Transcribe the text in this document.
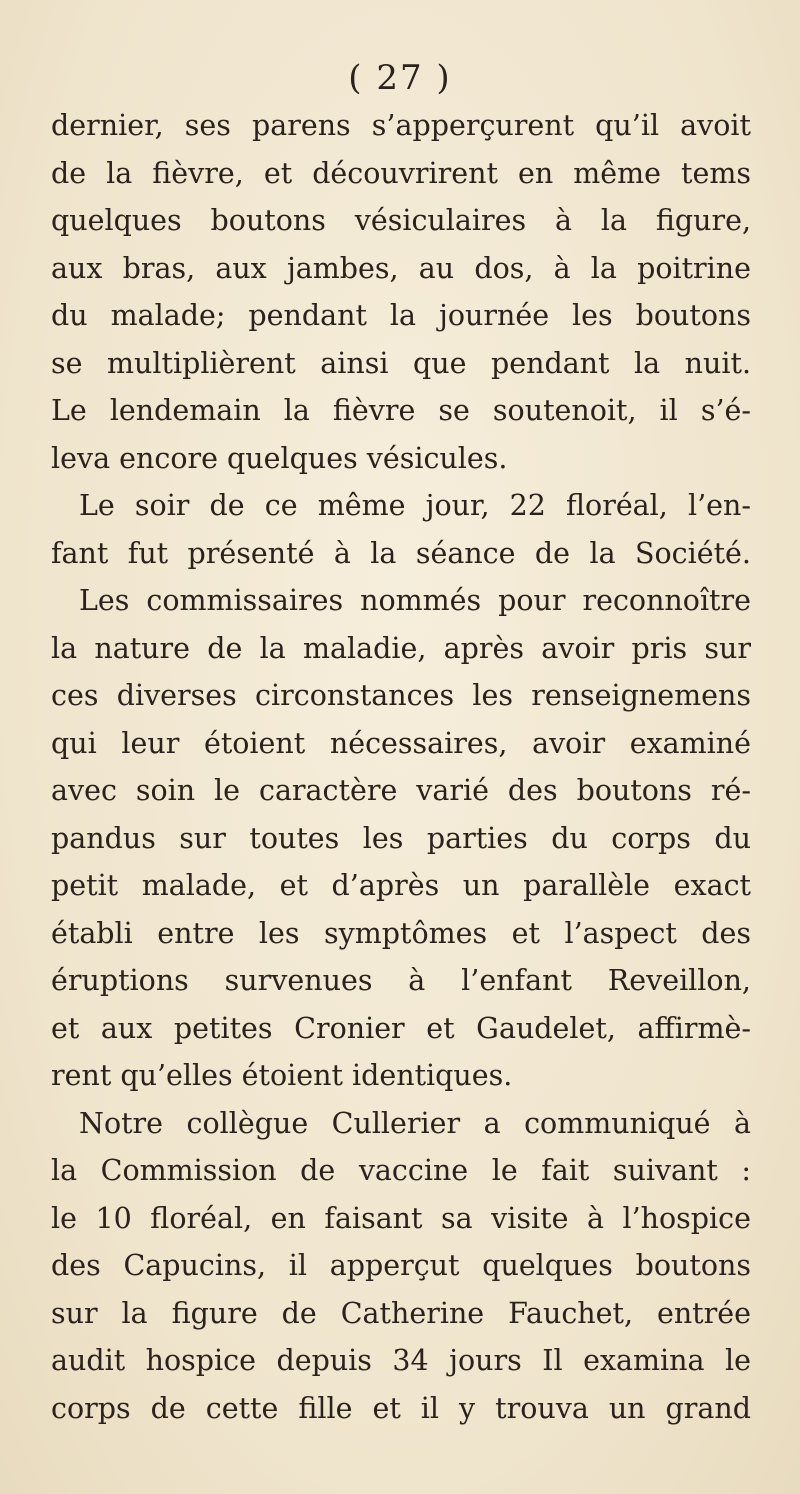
( 27 )
dernier, ses parens s’apperçurent qu’il avoit
de la fièvre, et découvrirent en même tems
quelques boutons vésiculaires à la figure,
aux bras, aux jambes, au dos, à la poitrine
du malade; pendant la journée les boutons
se multiplièrent ainsi que pendant la nuit.
Le lendemain la fièvre se soutenoit, il s’é-
leva encore quelques vésicules.
Le soir de ce même jour, 22 floréal, l’en-
fant fut présenté à la séance de la Société.
Les commissaires nommés pour reconnoître
la nature de la maladie, après avoir pris sur
ces diverses circonstances les renseignemens
qui leur étoient nécessaires, avoir examiné
avec soin le caractère varié des boutons ré-
pandus sur toutes les parties du corps du
petit malade, et d’après un parallèle exact
établi entre les symptômes et l’aspect des
éruptions survenues à l’enfant Reveillon,
et aux petites Cronier et Gaudelet, affirmè-
rent qu’elles étoient identiques.
Notre collègue Cullerier a communiqué à
la Commission de vaccine le fait suivant :
le 10 floréal, en faisant sa visite à l’hospice
des Capucins, il apperçut quelques boutons
sur la figure de Catherine Fauchet, entrée
audit hospice depuis 34 jours Il examina le
corps de cette fille et il y trouva un grand
